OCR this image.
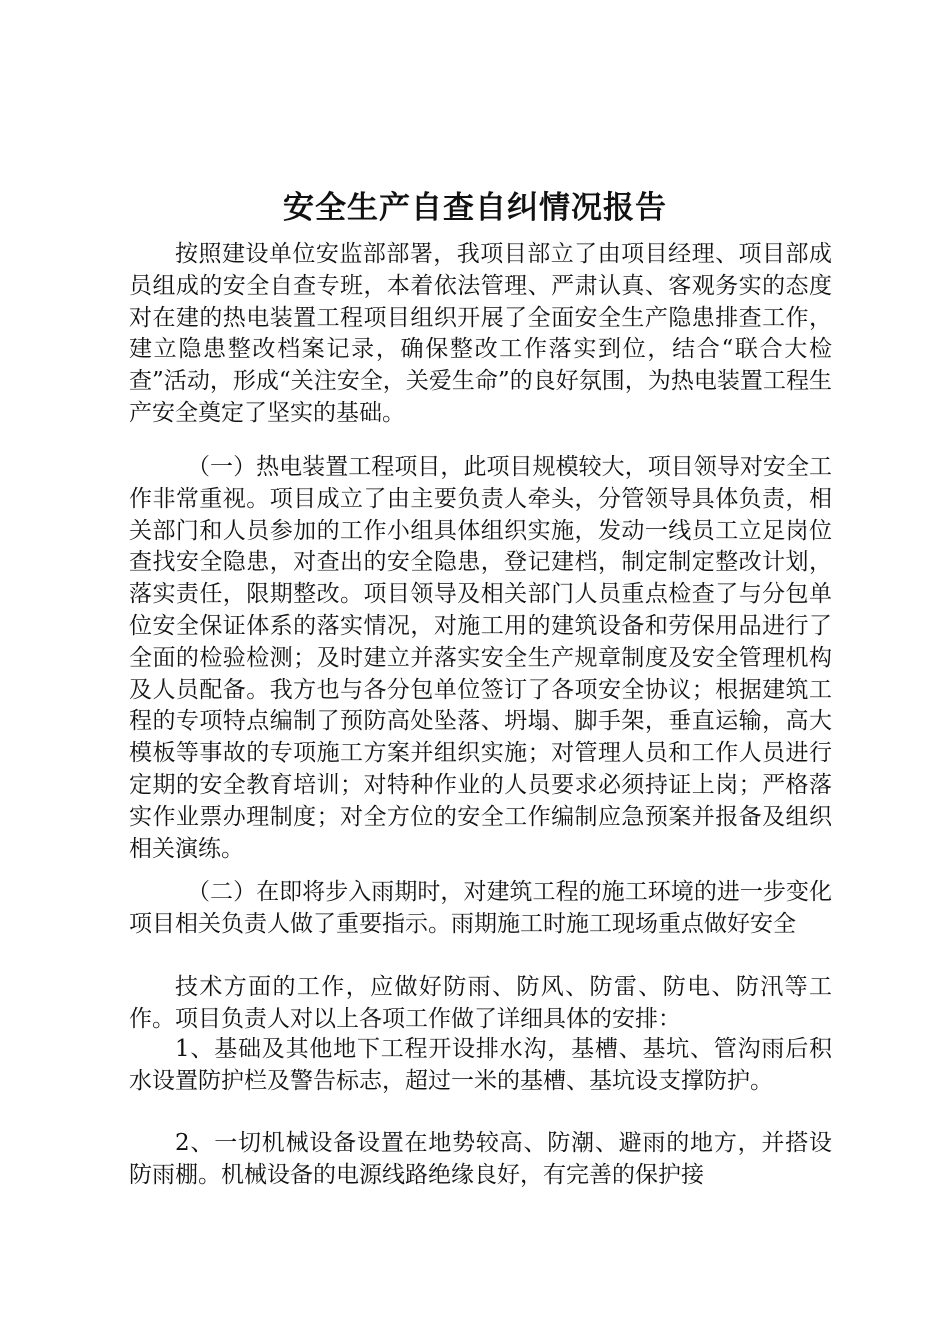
安全生产自查自纠情况报告

按照建设单位安监部部署，我项目部立了由项目经理、项目部成员组成的安全自查专班，本着依法管理、严肃认真、客观务实的态度对在建的热电装置工程项目组织开展了全面安全生产隐患排查工作，建立隐患整改档案记录，确保整改工作落实到位，结合“联合大检查”活动，形成“关注安全，关爱生命”的良好氛围，为热电装置工程生产安全奠定了坚实的基础。

（一）热电装置工程项目，此项目规模较大，项目领导对安全工作非常重视。项目成立了由主要负责人牵头，分管领导具体负责，相关部门和人员参加的工作小组具体组织实施，发动一线员工立足岗位查找安全隐患，对查出的安全隐患，登记建档，制定制定整改计划，落实责任，限期整改。项目领导及相关部门人员重点检查了与分包单位安全保证体系的落实情况，对施工用的建筑设备和劳保用品进行了全面的检验检测；及时建立并落实安全生产规章制度及安全管理机构及人员配备。我方也与各分包单位签订了各项安全协议；根据建筑工程的专项特点编制了预防高处坠落、坍塌、脚手架，垂直运输，高大模板等事故的专项施工方案并组织实施；对管理人员和工作人员进行定期的安全教育培训；对特种作业的人员要求必须持证上岗；严格落实作业票办理制度；对全方位的安全工作编制应急预案并报备及组织相关演练。

（二）在即将步入雨期时，对建筑工程的施工环境的进一步变化项目相关负责人做了重要指示。雨期施工时施工现场重点做好安全

技术方面的工作，应做好防雨、防风、防雷、防电、防汛等工作。项目负责人对以上各项工作做了详细具体的安排：

1、基础及其他地下工程开设排水沟，基槽、基坑、管沟雨后积水设置防护栏及警告标志，超过一米的基槽、基坑设支撑防护。

2、一切机械设备设置在地势较高、防潮、避雨的地方，并搭设防雨棚。机械设备的电源线路绝缘良好，有完善的保护接
